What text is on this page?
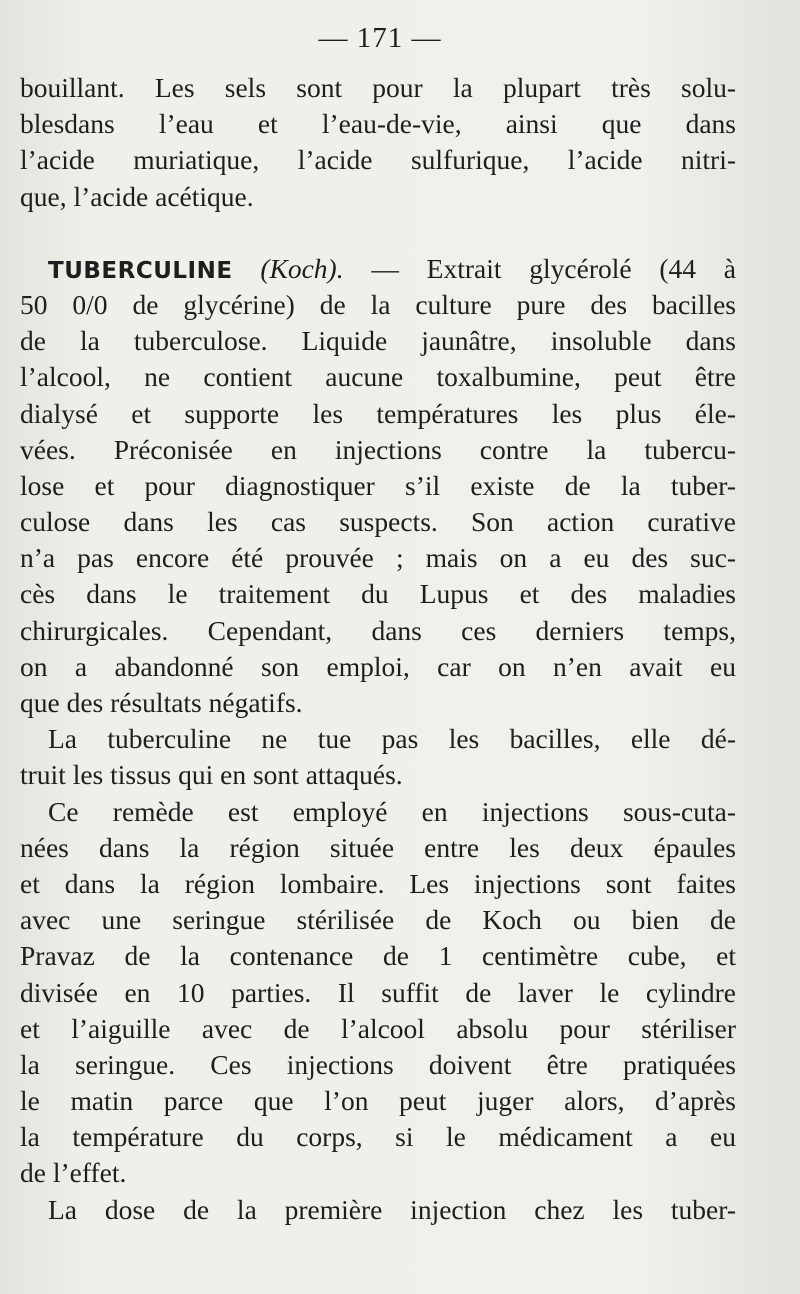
— 171 —
bouillant. Les sels sont pour la plupart très solu-
blesdans l’eau et l’eau-de-vie, ainsi que dans
l’acide muriatique, l’acide sulfurique, l’acide nitri-
que, l’acide acétique.
TUBERCULINE (Koch). — Extrait glycérolé (44 à
50 0/0 de glycérine) de la culture pure des bacilles
de la tuberculose. Liquide jaunâtre, insoluble dans
l’alcool, ne contient aucune toxalbumine, peut être
dialysé et supporte les températures les plus éle-
vées. Préconisée en injections contre la tubercu-
lose et pour diagnostiquer s’il existe de la tuber-
culose dans les cas suspects. Son action curative
n’a pas encore été prouvée ; mais on a eu des suc-
cès dans le traitement du Lupus et des maladies
chirurgicales. Cependant, dans ces derniers temps,
on a abandonné son emploi, car on n’en avait eu
que des résultats négatifs.
La tuberculine ne tue pas les bacilles, elle dé-
truit les tissus qui en sont attaqués.
Ce remède est employé en injections sous-cuta-
nées dans la région située entre les deux épaules
et dans la région lombaire. Les injections sont faites
avec une seringue stérilisée de Koch ou bien de
Pravaz de la contenance de 1 centimètre cube, et
divisée en 10 parties. Il suffit de laver le cylindre
et l’aiguille avec de l’alcool absolu pour stériliser
la seringue. Ces injections doivent être pratiquées
le matin parce que l’on peut juger alors, d’après
la température du corps, si le médicament a eu
de l’effet.
La dose de la première injection chez les tuber-
